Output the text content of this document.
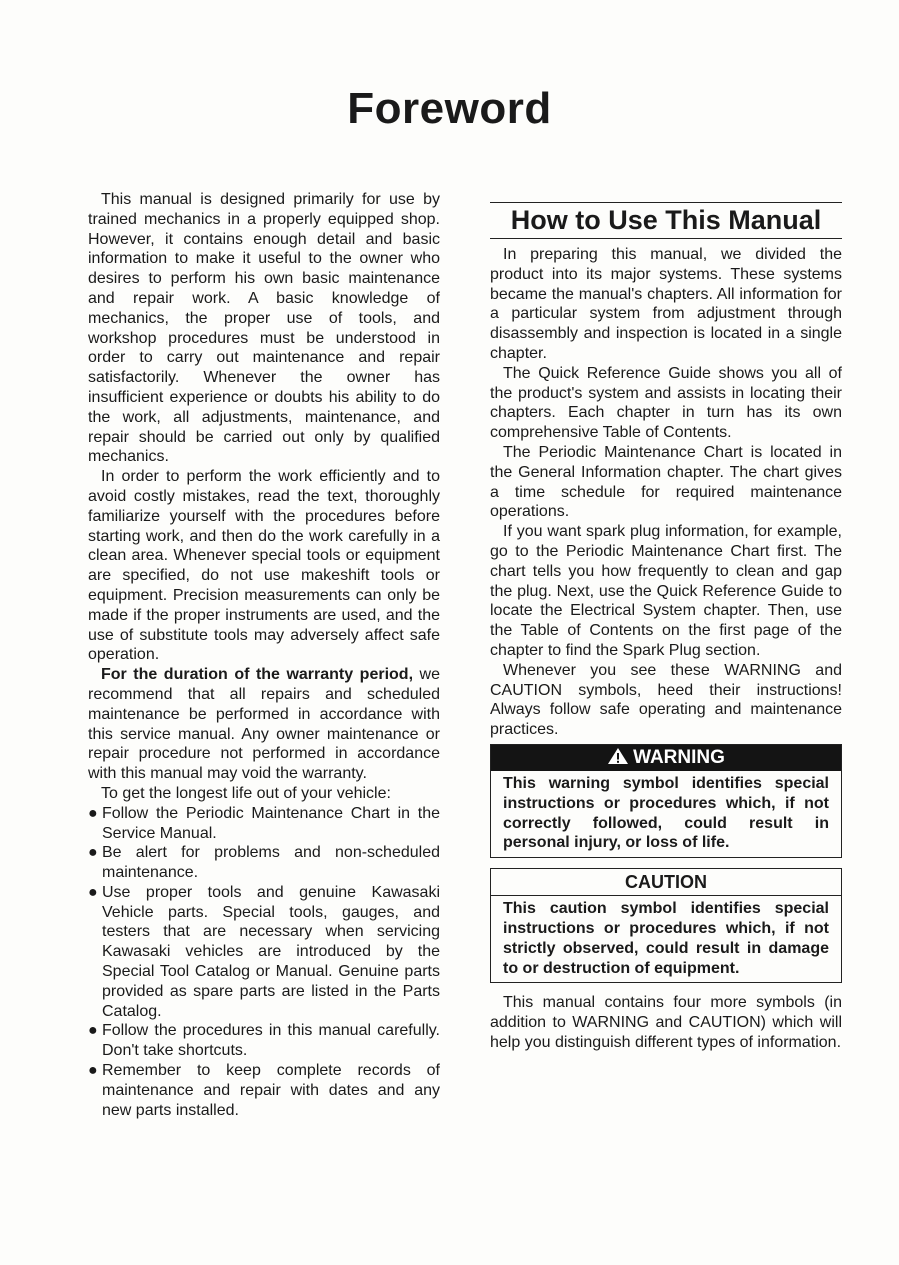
Foreword

This manual is designed primarily for use by trained mechanics in a properly equipped shop. However, it contains enough detail and basic information to make it useful to the owner who desires to perform his own basic maintenance and repair work. A basic knowledge of mechanics, the proper use of tools, and workshop procedures must be understood in order to carry out maintenance and repair satisfactorily. Whenever the owner has insufficient experience or doubts his ability to do the work, all adjustments, maintenance, and repair should be carried out only by qualified mechanics.

In order to perform the work efficiently and to avoid costly mistakes, read the text, thoroughly familiarize yourself with the procedures before starting work, and then do the work carefully in a clean area. Whenever special tools or equipment are specified, do not use makeshift tools or equipment. Precision measurements can only be made if the proper instruments are used, and the use of substitute tools may adversely affect safe operation.

For the duration of the warranty period, we recommend that all repairs and scheduled maintenance be performed in accordance with this service manual. Any owner maintenance or repair procedure not performed in accordance with this manual may void the warranty.

To get the longest life out of your vehicle:

● Follow the Periodic Maintenance Chart in the Service Manual.
● Be alert for problems and non-scheduled maintenance.
● Use proper tools and genuine Kawasaki Vehicle parts. Special tools, gauges, and testers that are necessary when servicing Kawasaki vehicles are introduced by the Special Tool Catalog or Manual. Genuine parts provided as spare parts are listed in the Parts Catalog.
● Follow the procedures in this manual carefully. Don't take shortcuts.
● Remember to keep complete records of maintenance and repair with dates and any new parts installed.
How to Use This Manual

In preparing this manual, we divided the product into its major systems. These systems became the manual's chapters. All information for a particular system from adjustment through disassembly and inspection is located in a single chapter.

The Quick Reference Guide shows you all of the product's system and assists in locating their chapters. Each chapter in turn has its own comprehensive Table of Contents.

The Periodic Maintenance Chart is located in the General Information chapter. The chart gives a time schedule for required maintenance operations.

If you want spark plug information, for example, go to the Periodic Maintenance Chart first. The chart tells you how frequently to clean and gap the plug. Next, use the Quick Reference Guide to locate the Electrical System chapter. Then, use the Table of Contents on the first page of the chapter to find the Spark Plug section.

Whenever you see these WARNING and CAUTION symbols, heed their instructions! Always follow safe operating and maintenance practices.

WARNING
This warning symbol identifies special instructions or procedures which, if not correctly followed, could result in personal injury, or loss of life.
CAUTION
This caution symbol identifies special instructions or procedures which, if not strictly observed, could result in damage to or destruction of equipment.

This manual contains four more symbols (in addition to WARNING and CAUTION) which will help you distinguish different types of information.
